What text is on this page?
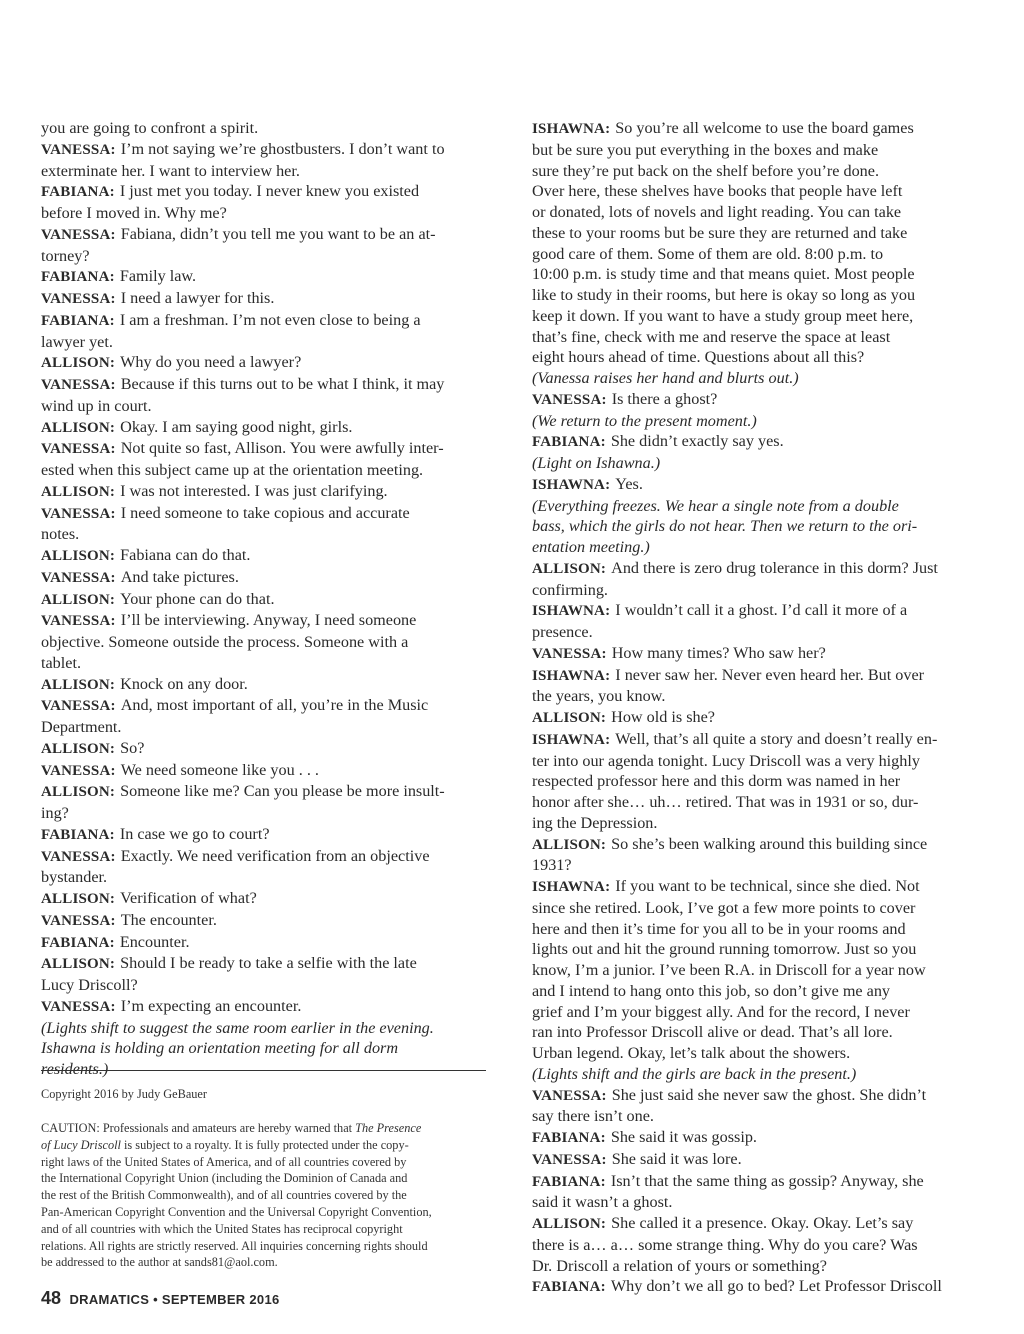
you are going to confront a spirit.
VANESSA: I’m not saying we’re ghostbusters. I don’t want to
exterminate her. I want to interview her.
FABIANA: I just met you today. I never knew you existed
before I moved in. Why me?
VANESSA: Fabiana, didn’t you tell me you want to be an at-
torney?
FABIANA: Family law.
VANESSA: I need a lawyer for this.
FABIANA: I am a freshman. I’m not even close to being a
lawyer yet.
ALLISON: Why do you need a lawyer?
VANESSA: Because if this turns out to be what I think, it may
wind up in court.
ALLISON: Okay. I am saying good night, girls.
VANESSA: Not quite so fast, Allison. You were awfully inter-
ested when this subject came up at the orientation meeting.
ALLISON: I was not interested. I was just clarifying.
VANESSA: I need someone to take copious and accurate
notes.
ALLISON: Fabiana can do that.
VANESSA: And take pictures.
ALLISON: Your phone can do that.
VANESSA: I’ll be interviewing. Anyway, I need someone
objective. Someone outside the process. Someone with a
tablet.
ALLISON: Knock on any door.
VANESSA: And, most important of all, you’re in the Music
Department.
ALLISON: So?
VANESSA: We need someone like you . . .
ALLISON: Someone like me? Can you please be more insult-
ing?
FABIANA: In case we go to court?
VANESSA: Exactly. We need verification from an objective
bystander.
ALLISON: Verification of what?
VANESSA: The encounter.
FABIANA: Encounter.
ALLISON: Should I be ready to take a selfie with the late
Lucy Driscoll?
VANESSA: I’m expecting an encounter.
(Lights shift to suggest the same room earlier in the evening.
Ishawna is holding an orientation meeting for all dorm
residents.)
ISHAWNA: So you’re all welcome to use the board games
but be sure you put everything in the boxes and make
sure they’re put back on the shelf before you’re done.
Over here, these shelves have books that people have left
or donated, lots of novels and light reading. You can take
these to your rooms but be sure they are returned and take
good care of them. Some of them are old. 8:00 p.m. to
10:00 p.m. is study time and that means quiet. Most people
like to study in their rooms, but here is okay so long as you
keep it down. If you want to have a study group meet here,
that’s fine, check with me and reserve the space at least
eight hours ahead of time. Questions about all this?
(Vanessa raises her hand and blurts out.)
VANESSA: Is there a ghost?
(We return to the present moment.)
FABIANA: She didn’t exactly say yes.
(Light on Ishawna.)
ISHAWNA: Yes.
(Everything freezes. We hear a single note from a double
bass, which the girls do not hear. Then we return to the ori-
entation meeting.)
ALLISON: And there is zero drug tolerance in this dorm? Just
confirming.
ISHAWNA: I wouldn’t call it a ghost. I’d call it more of a
presence.
VANESSA: How many times? Who saw her?
ISHAWNA: I never saw her. Never even heard her. But over
the years, you know.
ALLISON: How old is she?
ISHAWNA: Well, that’s all quite a story and doesn’t really en-
ter into our agenda tonight. Lucy Driscoll was a very highly
respected professor here and this dorm was named in her
honor after she… uh… retired. That was in 1931 or so, dur-
ing the Depression.
ALLISON: So she’s been walking around this building since
1931?
ISHAWNA: If you want to be technical, since she died. Not
since she retired. Look, I’ve got a few more points to cover
here and then it’s time for you all to be in your rooms and
lights out and hit the ground running tomorrow. Just so you
know, I’m a junior. I’ve been R.A. in Driscoll for a year now
and I intend to hang onto this job, so don’t give me any
grief and I’m your biggest ally. And for the record, I never
ran into Professor Driscoll alive or dead. That’s all lore.
Urban legend. Okay, let’s talk about the showers.
(Lights shift and the girls are back in the present.)
VANESSA: She just said she never saw the ghost. She didn’t
say there isn’t one.
FABIANA: She said it was gossip.
VANESSA: She said it was lore.
FABIANA: Isn’t that the same thing as gossip? Anyway, she
said it wasn’t a ghost.
ALLISON: She called it a presence. Okay. Okay. Let’s say
there is a… a… some strange thing. Why do you care? Was
Dr. Driscoll a relation of yours or something?
FABIANA: Why don’t we all go to bed? Let Professor Driscoll
Copyright 2016 by Judy GeBauer
CAUTION: Professionals and amateurs are hereby warned that The Presence
of Lucy Driscoll is subject to a royalty. It is fully protected under the copy-
right laws of the United States of America, and of all countries covered by
the International Copyright Union (including the Dominion of Canada and
the rest of the British Commonwealth), and of all countries covered by the
Pan-American Copyright Convention and the Universal Copyright Convention,
and of all countries with which the United States has reciprocal copyright
relations. All rights are strictly reserved. All inquiries concerning rights should
be addressed to the author at sands81@aol.com.
48 DRAMATICS • SEPTEMBER 2016
